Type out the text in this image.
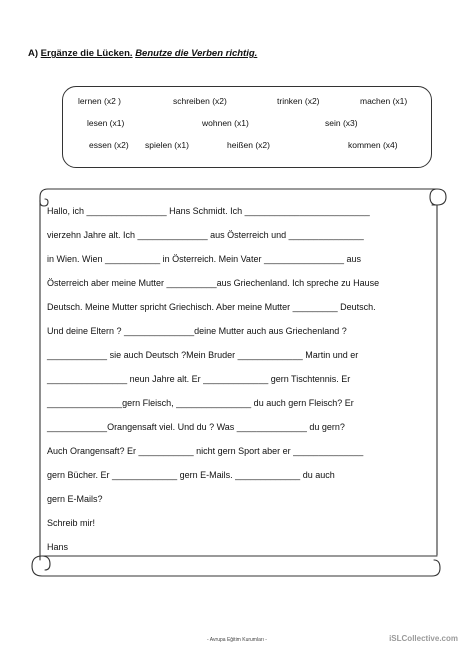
A) Ergänze die Lücken. Benutze die Verben richtig.
lernen (x2 )	schreiben (x2)	trinken (x2)	machen (x1)
lesen (x1)	wohnen (x1)	sein (x3)
essen (x2) spielen (x1)	heißen (x2)	kommen (x4)
Hallo, ich ________________ Hans Schmidt. Ich _________________________
vierzehn Jahre alt. Ich ______________ aus Österreich und _______________
in Wien. Wien ___________ in Österreich. Mein Vater ________________ aus
Österreich aber meine Mutter __________aus Griechenland. Ich spreche zu Hause
Deutsch. Meine Mutter spricht Griechisch. Aber meine Mutter _________ Deutsch.
Und deine Eltern ? ______________deine Mutter auch aus Griechenland ?
____________ sie auch Deutsch ?Mein Bruder _____________ Martin und er
________________ neun Jahre alt. Er _____________ gern Tischtennis. Er
_______________gern Fleisch, _______________ du auch gern Fleisch? Er
____________Orangensaft viel. Und du ? Was ______________ du gern?
Auch Orangensaft? Er ___________ nicht gern Sport aber er ______________
gern Bücher. Er _____________ gern E-Mails. _____________ du auch
gern E-Mails?
Schreib mir!
Hans
- Avrupa Eğitim Kurumları -	iSLCollective.com
